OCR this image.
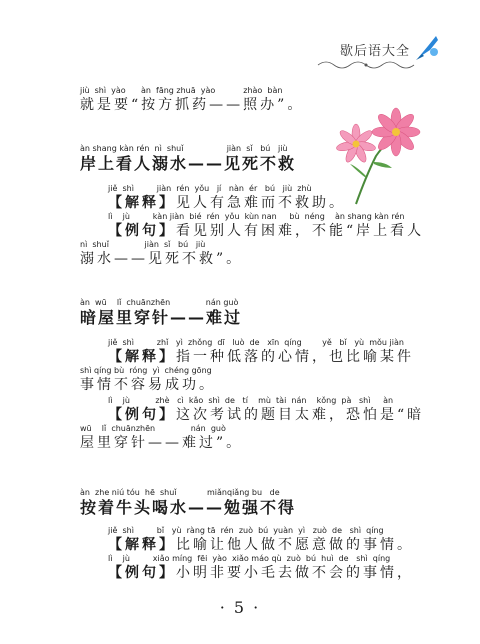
歇后语大全
jiù  shì  yào      àn  fāng zhuā  yào           zhào  bàn
就是要“按方抓药——照办”。
àn shang kàn rén  nì  shuǐ                 jiàn  sǐ   bú   jiù
岸上看人溺水——见死不救
jiě  shì         jiàn  rén  yǒu   jí   nàn  ér   bú   jiù  zhù
【解释】见人有急难而不救助。
lì    jù         kàn jiàn  bié  rén  yǒu  kùn nan     bù  néng    àn shang kàn rén
【例句】看见别人有困难，不能“岸上看人
nì  shuǐ              jiàn  sǐ   bú   jiù
溺水——见死不救”。
àn  wū    lǐ  chuānzhēn              nán guò
暗屋里穿针——难过
jiě  shì         zhǐ   yì  zhǒng  dī   luò  de   xīn  qíng        yě   bǐ   yù  mǒu jiàn
【解释】指一种低落的心情，也比喻某件
shì qíng bù  róng  yì  chéng gōng
事情不容易成功。
lì    jù          zhè   cì  kǎo  shì  de   tí    mù  tài  nán    kǒng  pà   shì     àn
【例句】这次考试的题目太难，恐怕是“暗
wū    lǐ  chuānzhēn              nán  guò
屋里穿针——难过”。
àn  zhe niú tóu  hē  shuǐ            miǎnqiǎng bu   de
按着牛头喝水——勉强不得
jiě  shì         bǐ   yù  ràng tā  rén  zuò  bú  yuàn  yì   zuò  de   shì  qíng
【解释】比喻让他人做不愿意做的事情。
lì    jù         xiǎo míng  fēi  yào  xiǎo máo qù  zuò  bú  huì  de   shì  qíng
【例句】小明非要小毛去做不会的事情，
· 5 ·
